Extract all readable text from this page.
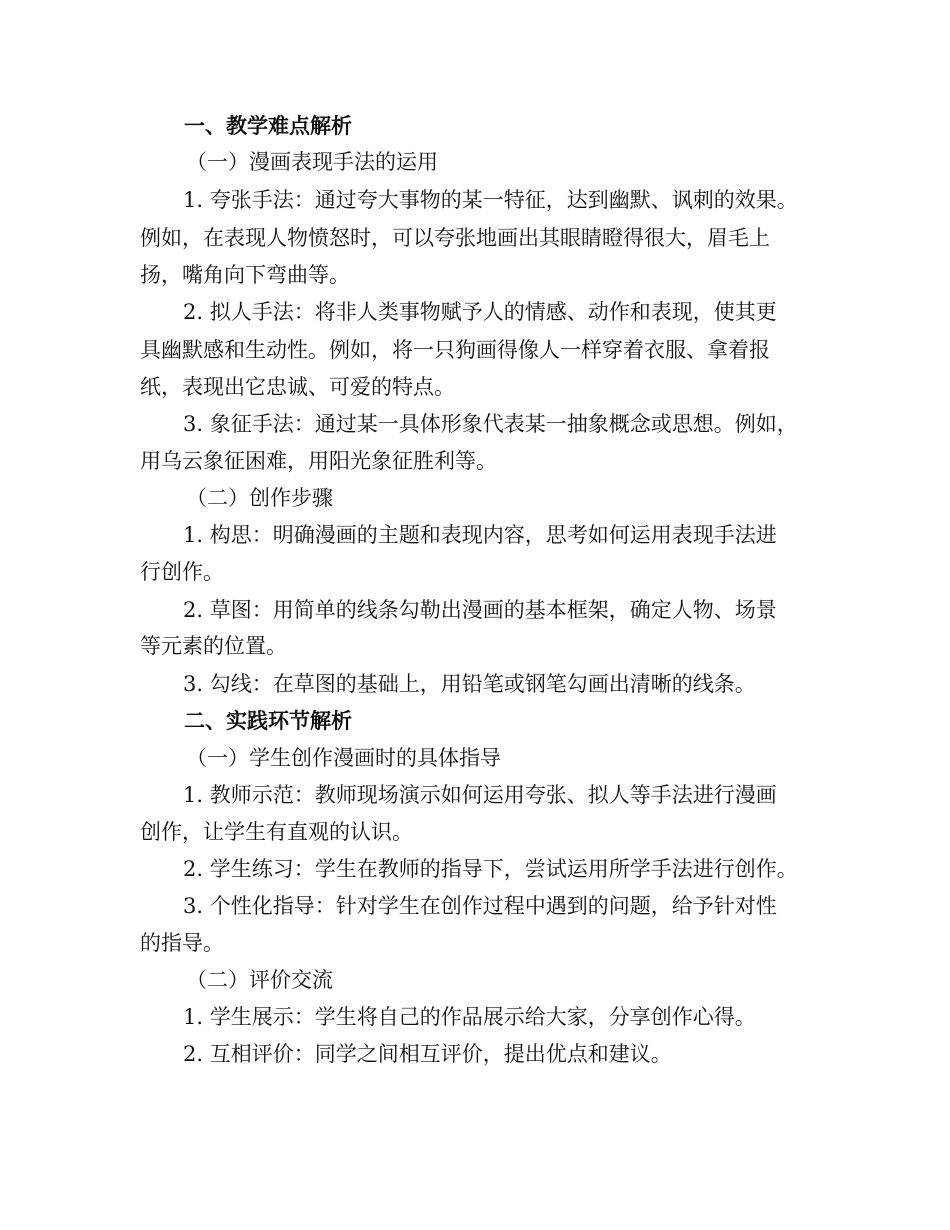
一、教学难点解析
（一）漫画表现手法的运用
1. 夸张手法：通过夸大事物的某一特征，达到幽默、讽刺的效果。
例如，在表现人物愤怒时，可以夸张地画出其眼睛瞪得很大，眉毛上
扬，嘴角向下弯曲等。
2. 拟人手法：将非人类事物赋予人的情感、动作和表现，使其更
具幽默感和生动性。例如，将一只狗画得像人一样穿着衣服、拿着报
纸，表现出它忠诚、可爱的特点。
3. 象征手法：通过某一具体形象代表某一抽象概念或思想。例如，
用乌云象征困难，用阳光象征胜利等。
（二）创作步骤
1. 构思：明确漫画的主题和表现内容，思考如何运用表现手法进
行创作。
2. 草图：用简单的线条勾勒出漫画的基本框架，确定人物、场景
等元素的位置。
3. 勾线：在草图的基础上，用铅笔或钢笔勾画出清晰的线条。
二、实践环节解析
（一）学生创作漫画时的具体指导
1. 教师示范：教师现场演示如何运用夸张、拟人等手法进行漫画
创作，让学生有直观的认识。
2. 学生练习：学生在教师的指导下，尝试运用所学手法进行创作。
3. 个性化指导：针对学生在创作过程中遇到的问题，给予针对性
的指导。
（二）评价交流
1. 学生展示：学生将自己的作品展示给大家，分享创作心得。
2. 互相评价：同学之间相互评价，提出优点和建议。
